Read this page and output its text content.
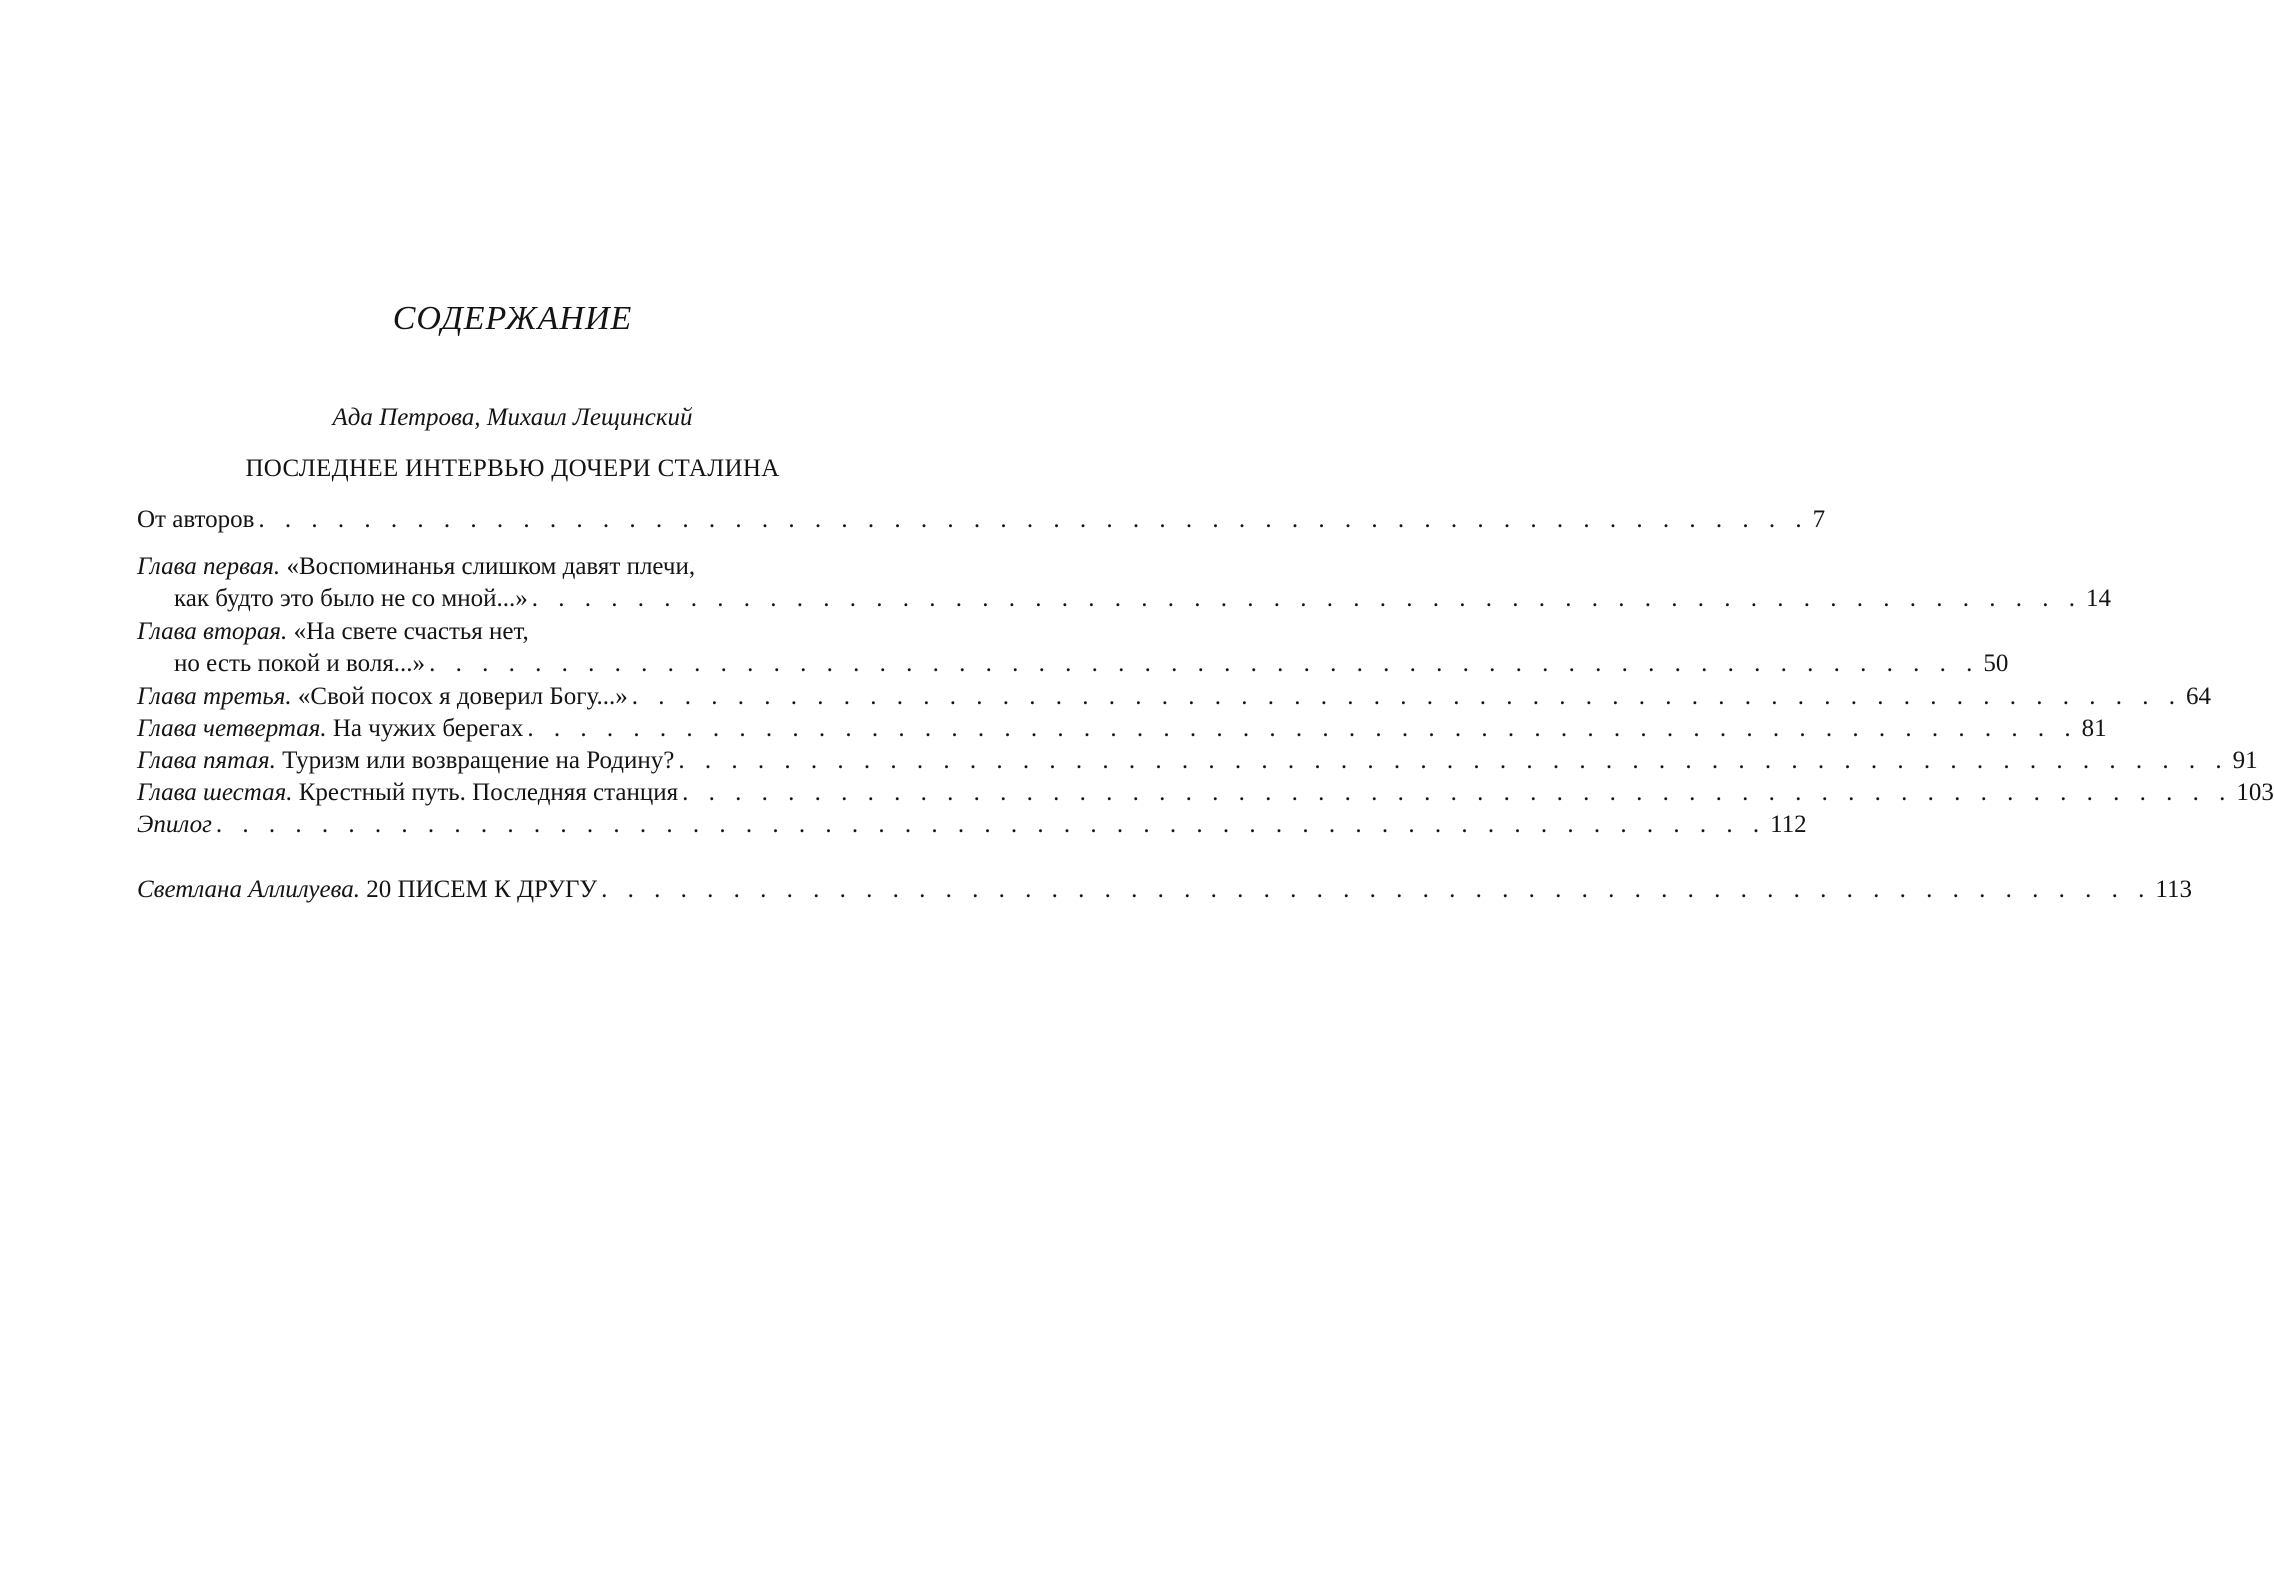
СОДЕРЖАНИЕ
Ада Петрова, Михаил Лещинский
ПОСЛЕДНЕЕ ИНТЕРВЬЮ ДОЧЕРИ СТАЛИНА
От авторов . . . . . . . . . . . . . . . . . . . . . . . . . . . . . . . . . . . . . . . . . . . . . . . . . . . . . . . . . . . 7
Глава первая. «Воспоминанья слишком давят плечи,
как будто это было не со мной...» . . . . . . . . . . . . . . . . . . . . . . . . . . . . . . . . . . . . . . . . . . . . . . . . . . . . . . . . . . . 14
Глава вторая. «На свете счастья нет,
но есть покой и воля...» . . . . . . . . . . . . . . . . . . . . . . . . . . . . . . . . . . . . . . . . . . . . . . . . . . . . . . . . . . . 50
Глава третья. «Свой посох я доверил Богу...» . . . . . . . . . . . . . . . . . . . . . . . . . . . . . . . . . . . . . . . . . . . . . . . . . . . . . . . . . . . 64
Глава четвертая. На чужих берегах . . . . . . . . . . . . . . . . . . . . . . . . . . . . . . . . . . . . . . . . . . . . . . . . . . . . . . . . . . . 81
Глава пятая. Туризм или возвращение на Родину? . . . . . . . . . . . . . . . . . . . . . . . . . . . . . . . . . . . . . . . . . . . . . . . . . . . . . . . . . . . 91
Глава шестая. Крестный путь. Последняя станция . . . . . . . . . . . . . . . . . . . . . . . . . . . . . . . . . . . . . . . . . . . . . . . . . . . . . . . . . . . 103
Эпилог . . . . . . . . . . . . . . . . . . . . . . . . . . . . . . . . . . . . . . . . . . . . . . . . . . . . . . . . . . . 112
Светлана Аллилуева. 20 ПИСЕМ К ДРУГУ . . . . . . . . . . . . . . . . . . . . . . . . . . . . . . . . . . . . . . . . . . . . . . . . . . . . . . . . . . . 113
